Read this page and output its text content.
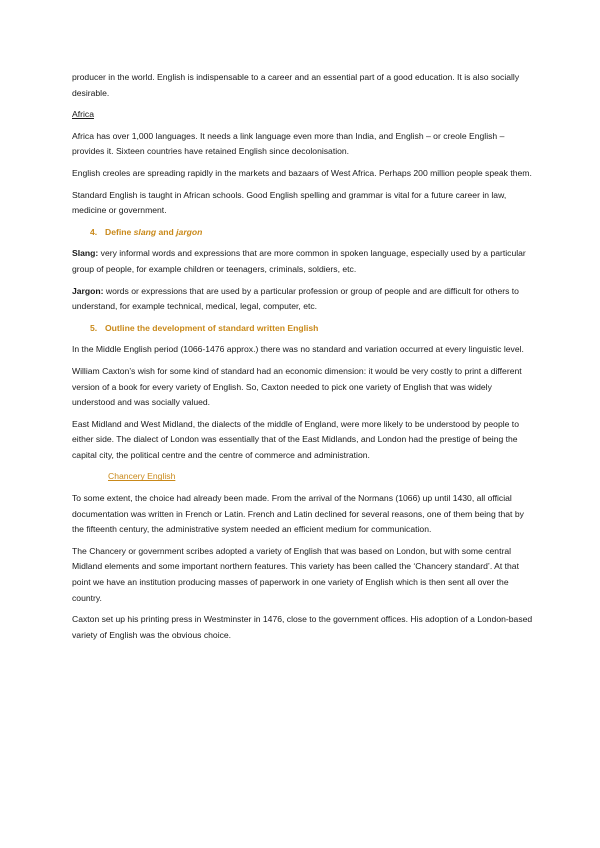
producer in the world. English is indispensable to a career and an essential part of a good education. It is also socially desirable.

Africa

Africa has over 1,000 languages. It needs a link language even more than India, and English – or creole English – provides it. Sixteen countries have retained English since decolonisation.

English creoles are spreading rapidly in the markets and bazaars of West Africa. Perhaps 200 million people speak them.

Standard English is taught in African schools. Good English spelling and grammar is vital for a future career in law, medicine or government.

4. Define slang and jargon

Slang: very informal words and expressions that are more common in spoken language, especially used by a particular group of people, for example children or teenagers, criminals, soldiers, etc.

Jargon: words or expressions that are used by a particular profession or group of people and are difficult for others to understand, for example technical, medical, legal, computer, etc.

5. Outline the development of standard written English

In the Middle English period (1066-1476 approx.) there was no standard and variation occurred at every linguistic level.

William Caxton’s wish for some kind of standard had an economic dimension: it would be very costly to print a different version of a book for every variety of English. So, Caxton needed to pick one variety of English that was widely understood and was socially valued.

East Midland and West Midland, the dialects of the middle of England, were more likely to be understood by people to either side. The dialect of London was essentially that of the East Midlands, and London had the prestige of being the capital city, the political centre and the centre of commerce and administration.

Chancery English

To some extent, the choice had already been made. From the arrival of the Normans (1066) up until 1430, all official documentation was written in French or Latin. French and Latin declined for several reasons, one of them being that by the fifteenth century, the administrative system needed an efficient medium for communication.

The Chancery or government scribes adopted a variety of English that was based on London, but with some central Midland elements and some important northern features. This variety has been called the ‘Chancery standard’. At that point we have an institution producing masses of paperwork in one variety of English which is then sent all over the country.

Caxton set up his printing press in Westminster in 1476, close to the government offices. His adoption of a London-based variety of English was the obvious choice.
